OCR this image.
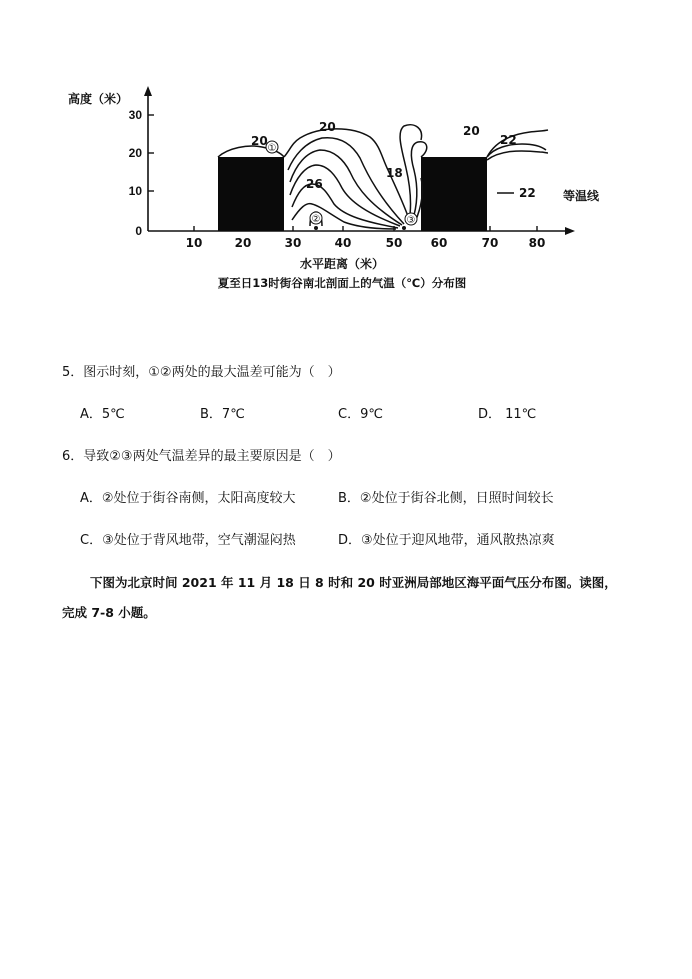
0
10
20
30
高度（米）
10	20	30	40	50 60	70	80
水平距离（米）
夏至日13时街谷南北剖面上的气温（℃）分布图
①
②	③
20
20
26
18
20
22
22 等温线
5．图示时刻，①②两处的最大温差可能为（　）
A．5℃	B．7℃	C．9℃	D． 11℃
6．导致②③两处气温差异的最主要原因是（　）
A．②处位于街谷南侧，太阳高度较大	B．②处位于街谷北侧，日照时间较长
C．③处位于背风地带，空气潮湿闷热	D．③处位于迎风地带，通风散热凉爽
下图为北京时间 2021 年 11 月 18 日 8 时和 20 时亚洲局部地区海平面气压分布图。读图，
完成 7-8 小题。
